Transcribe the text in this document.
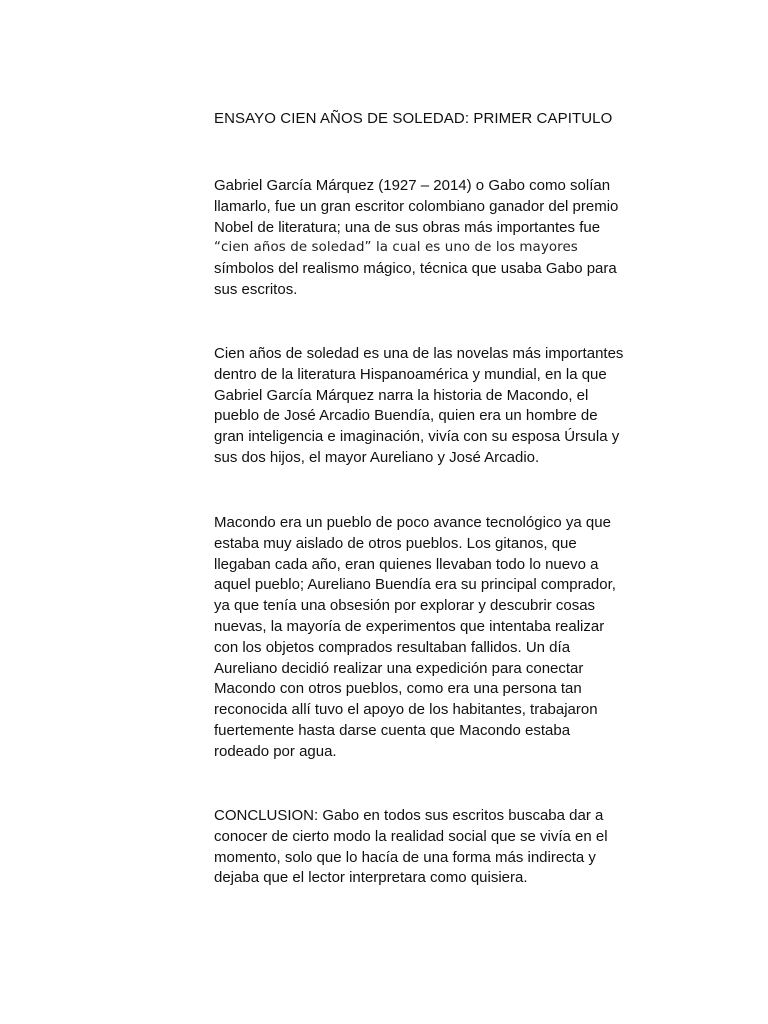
ENSAYO CIEN AÑOS DE SOLEDAD: PRIMER CAPITULO
Gabriel García Márquez (1927 – 2014) o Gabo como solían
llamarlo, fue un gran escritor colombiano ganador del premio
Nobel de literatura; una de sus obras más importantes fue
“cien años de soledad” la cual es uno de los mayores
símbolos del realismo mágico, técnica que usaba Gabo para
sus escritos.
Cien años de soledad es una de las novelas más importantes
dentro de la literatura Hispanoamérica y mundial, en la que
Gabriel García Márquez narra la historia de Macondo, el
pueblo de José Arcadio Buendía, quien era un hombre de
gran inteligencia e imaginación, vivía con su esposa Úrsula y
sus dos hijos, el mayor Aureliano y José Arcadio.
Macondo era un pueblo de poco avance tecnológico ya que
estaba muy aislado de otros pueblos. Los gitanos, que
llegaban cada año, eran quienes llevaban todo lo nuevo a
aquel pueblo; Aureliano Buendía era su principal comprador,
ya que tenía una obsesión por explorar y descubrir cosas
nuevas, la mayoría de experimentos que intentaba realizar
con los objetos comprados resultaban fallidos. Un día
Aureliano decidió realizar una expedición para conectar
Macondo con otros pueblos, como era una persona tan
reconocida allí tuvo el apoyo de los habitantes, trabajaron
fuertemente hasta darse cuenta que Macondo estaba
rodeado por agua.
CONCLUSION: Gabo en todos sus escritos buscaba dar a
conocer de cierto modo la realidad social que se vivía en el
momento, solo que lo hacía de una forma más indirecta y
dejaba que el lector interpretara como quisiera.
